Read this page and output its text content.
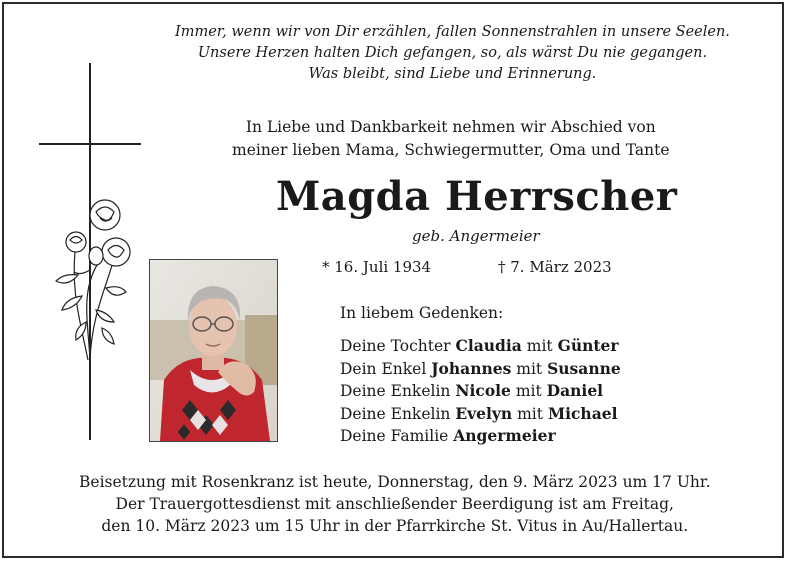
Immer, wenn wir von Dir erzählen, fallen Sonnenstrahlen in unsere Seelen.
Unsere Herzen halten Dich gefangen, so, als wärst Du nie gegangen.
Was bleibt, sind Liebe und Erinnerung.
In Liebe und Dankbarkeit nehmen wir Abschied von
meiner lieben Mama, Schwiegermutter, Oma und Tante
Magda Herrscher
geb. Angermeier
* 16. Juli 1934	† 7. März 2023
In liebem Gedenken:
Deine Tochter Claudia mit Günter
Dein Enkel Johannes mit Susanne
Deine Enkelin Nicole mit Daniel
Deine Enkelin Evelyn mit Michael
Deine Familie Angermeier
Beisetzung mit Rosenkranz ist heute, Donnerstag, den 9. März 2023 um 17 Uhr.
Der Trauergottesdienst mit anschließender Beerdigung ist am Freitag,
den 10. März 2023 um 15 Uhr in der Pfarrkirche St. Vitus in Au/Hallertau.
